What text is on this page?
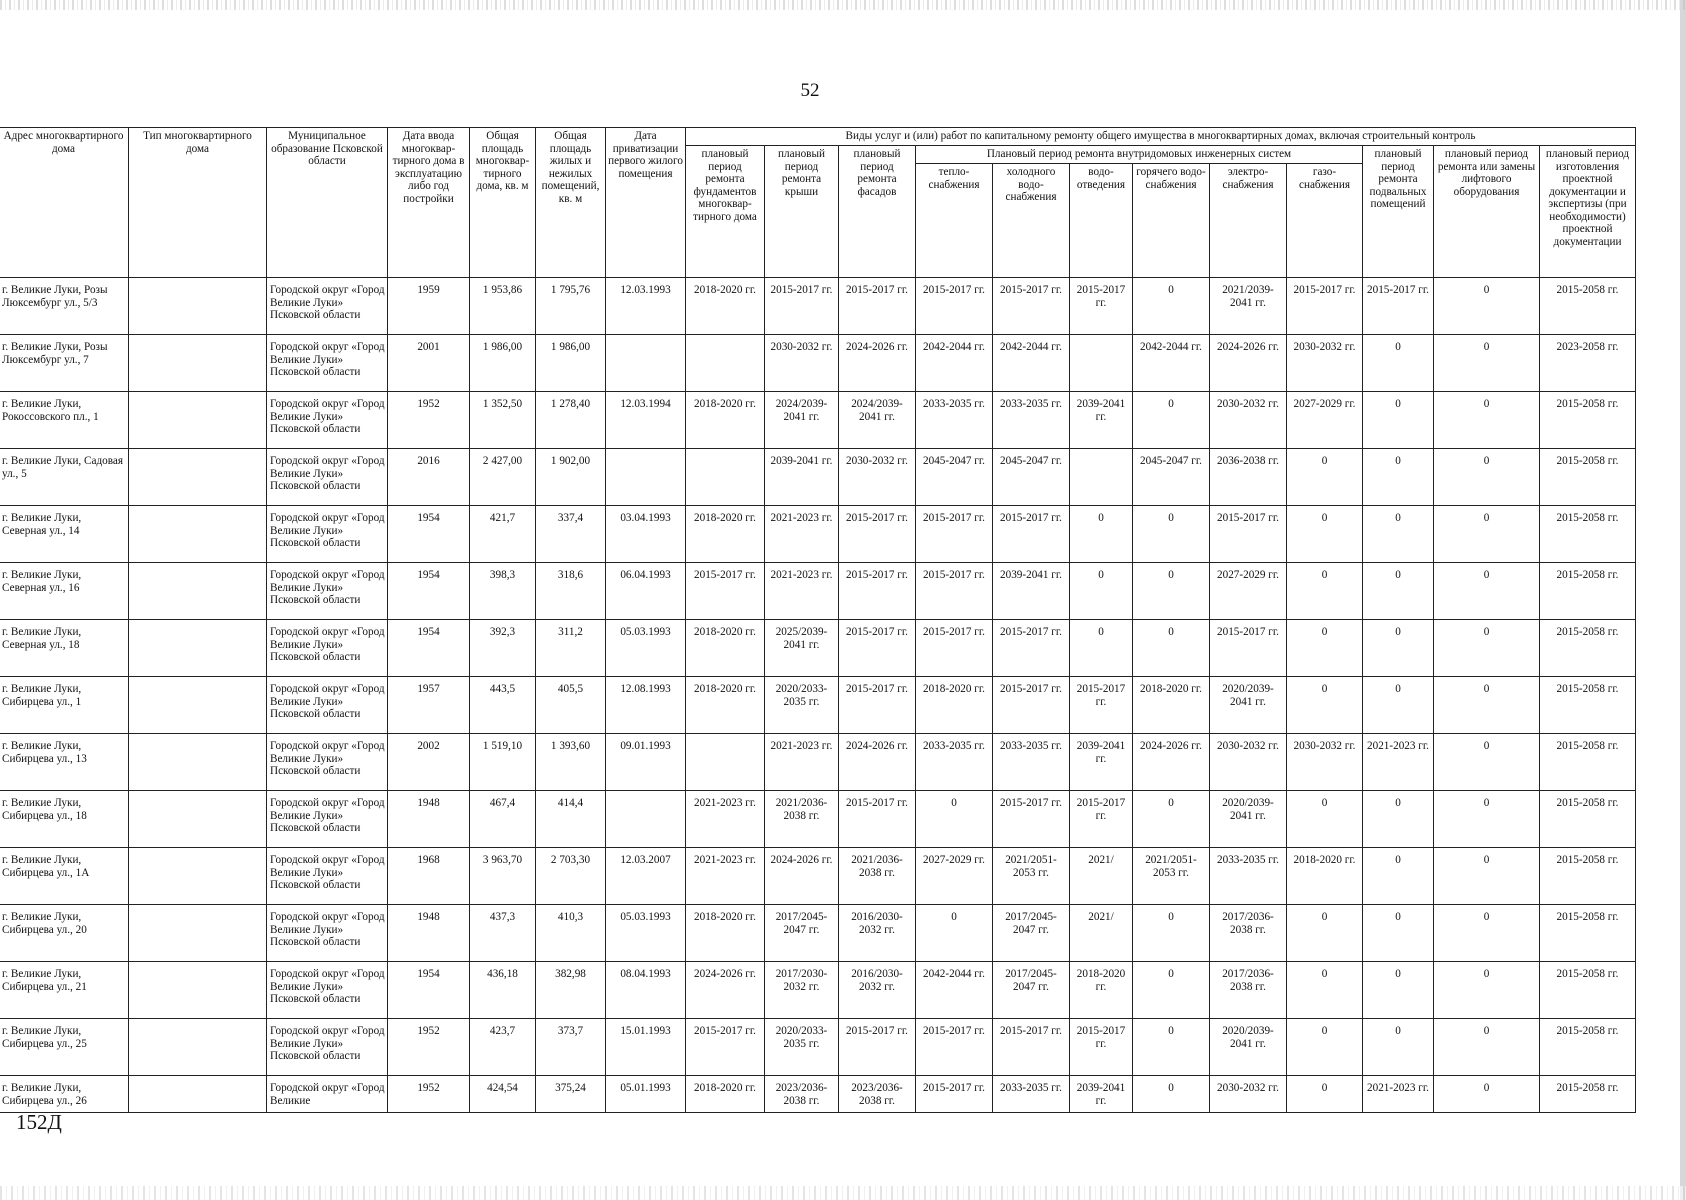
52
Адрес многоквартирного дома	Тип многоквартирного дома	Муниципальное образование Псковской области	Дата ввода многоквар-тирного дома в эксплуатацию либо год постройки	Общая площадь многоквар-тирного дома, кв. м	Общая площадь жилых и нежилых помещений, кв. м	Дата приватизации первого жилого помещения	Виды услуг и (или) работ по капитальному ремонту общего имущества в многоквартирных домах, включая строительный контроль											
							плановый период ремонта фундаментов многоквар-тирного дома	плановый период ремонта крыши	плановый период ремонта фасадов	Плановый период ремонта внутридомовых инженерных систем						плановый период ремонта подвальных помещений	плановый период ремонта или замены лифтового оборудования	плановый период изготовления проектной документации и экспертизы (при необходимости) проектной документации
										тепло-снабжения	холодного водо-снабжения	водо-отведения	горячего водо-снабжения	электро-снабжения	газо-снабжения			

г. Великие Луки, Розы Люксембург ул., 5/3		Городской округ «Город Великие Луки» Псковской области	1959	1 953,86	1 795,76	12.03.1993	2018-2020 гг.	2015-2017 гг.	2015-2017 гг.	2015-2017 гг.	2015-2017 гг.	2015-2017 гг.	0	2021/2039-2041 гг.	2015-2017 гг.	2015-2017 гг.	0	2015-2058 гг.

г. Великие Луки, Розы Люксембург ул., 7		Городской округ «Город Великие Луки» Псковской области	2001	1 986,00	1 986,00			2030-2032 гг.	2024-2026 гг.	2042-2044 гг.	2042-2044 гг.		2042-2044 гг.	2024-2026 гг.	2030-2032 гг.	0	0	2023-2058 гг.

г. Великие Луки, Рокоссовского пл., 1		Городской округ «Город Великие Луки» Псковской области	1952	1 352,50	1 278,40	12.03.1994	2018-2020 гг.	2024/2039-2041 гг.	2024/2039-2041 гг.	2033-2035 гг.	2033-2035 гг.	2039-2041 гг.	0	2030-2032 гг.	2027-2029 гг.	0	0	2015-2058 гг.

г. Великие Луки, Садовая ул., 5		Городской округ «Город Великие Луки» Псковской области	2016	2 427,00	1 902,00			2039-2041 гг.	2030-2032 гг.	2045-2047 гг.	2045-2047 гг.		2045-2047 гг.	2036-2038 гг.	0	0	0	2015-2058 гг.

г. Великие Луки, Северная ул., 14		Городской округ «Город Великие Луки» Псковской области	1954	421,7	337,4	03.04.1993	2018-2020 гг.	2021-2023 гг.	2015-2017 гг.	2015-2017 гг.	2015-2017 гг.	0	0	2015-2017 гг.	0	0	0	2015-2058 гг.

г. Великие Луки, Северная ул., 16		Городской округ «Город Великие Луки» Псковской области	1954	398,3	318,6	06.04.1993	2015-2017 гг.	2021-2023 гг.	2015-2017 гг.	2015-2017 гг.	2039-2041 гг.	0	0	2027-2029 гг.	0	0	0	2015-2058 гг.

г. Великие Луки, Северная ул., 18		Городской округ «Город Великие Луки» Псковской области	1954	392,3	311,2	05.03.1993	2018-2020 гг.	2025/2039-2041 гг.	2015-2017 гг.	2015-2017 гг.	2015-2017 гг.	0	0	2015-2017 гг.	0	0	0	2015-2058 гг.

г. Великие Луки, Сибирцева ул., 1		Городской округ «Город Великие Луки» Псковской области	1957	443,5	405,5	12.08.1993	2018-2020 гг.	2020/2033-2035 гг.	2015-2017 гг.	2018-2020 гг.	2015-2017 гг.	2015-2017 гг.	2018-2020 гг.	2020/2039-2041 гг.	0	0	0	2015-2058 гг.

г. Великие Луки, Сибирцева ул., 13		Городской округ «Город Великие Луки» Псковской области	2002	1 519,10	1 393,60	09.01.1993		2021-2023 гг.	2024-2026 гг.	2033-2035 гг.	2033-2035 гг.	2039-2041 гг.	2024-2026 гг.	2030-2032 гг.	2030-2032 гг.	2021-2023 гг.	0	2015-2058 гг.

г. Великие Луки, Сибирцева ул., 18		Городской округ «Город Великие Луки» Псковской области	1948	467,4	414,4		2021-2023 гг.	2021/2036-2038 гг.	2015-2017 гг.	0	2015-2017 гг.	2015-2017 гг.	0	2020/2039-2041 гг.	0	0	0	2015-2058 гг.

г. Великие Луки, Сибирцева ул., 1А		Городской округ «Город Великие Луки» Псковской области	1968	3 963,70	2 703,30	12.03.2007	2021-2023 гг.	2024-2026 гг.	2021/2036-2038 гг.	2027-2029 гг.	2021/2051-2053 гг.	2021/	2021/2051-2053 гг.	2033-2035 гг.	2018-2020 гг.	0	0	2015-2058 гг.

г. Великие Луки, Сибирцева ул., 20		Городской округ «Город Великие Луки» Псковской области	1948	437,3	410,3	05.03.1993	2018-2020 гг.	2017/2045-2047 гг.	2016/2030-2032 гг.	0	2017/2045-2047 гг.	2021/	0	2017/2036-2038 гг.	0	0	0	2015-2058 гг.

г. Великие Луки, Сибирцева ул., 21		Городской округ «Город Великие Луки» Псковской области	1954	436,18	382,98	08.04.1993	2024-2026 гг.	2017/2030-2032 гг.	2016/2030-2032 гг.	2042-2044 гг.	2017/2045-2047 гг.	2018-2020 гг.	0	2017/2036-2038 гг.	0	0	0	2015-2058 гг.

г. Великие Луки, Сибирцева ул., 25		Городской округ «Город Великие Луки» Псковской области	1952	423,7	373,7	15.01.1993	2015-2017 гг.	2020/2033-2035 гг.	2015-2017 гг.	2015-2017 гг.	2015-2017 гг.	2015-2017 гг.	0	2020/2039-2041 гг.	0	0	0	2015-2058 гг.

г. Великие Луки, Сибирцева ул., 26		Городской округ «Город Великие	1952	424,54	375,24	05.01.1993	2018-2020 гг.	2023/2036-2038 гг.	2023/2036-2038 гг.	2015-2017 гг.	2033-2035 гг.	2039-2041 гг.	0	2030-2032 гг.	0	2021-2023 гг.	0	2015-2058 гг.
152Д
